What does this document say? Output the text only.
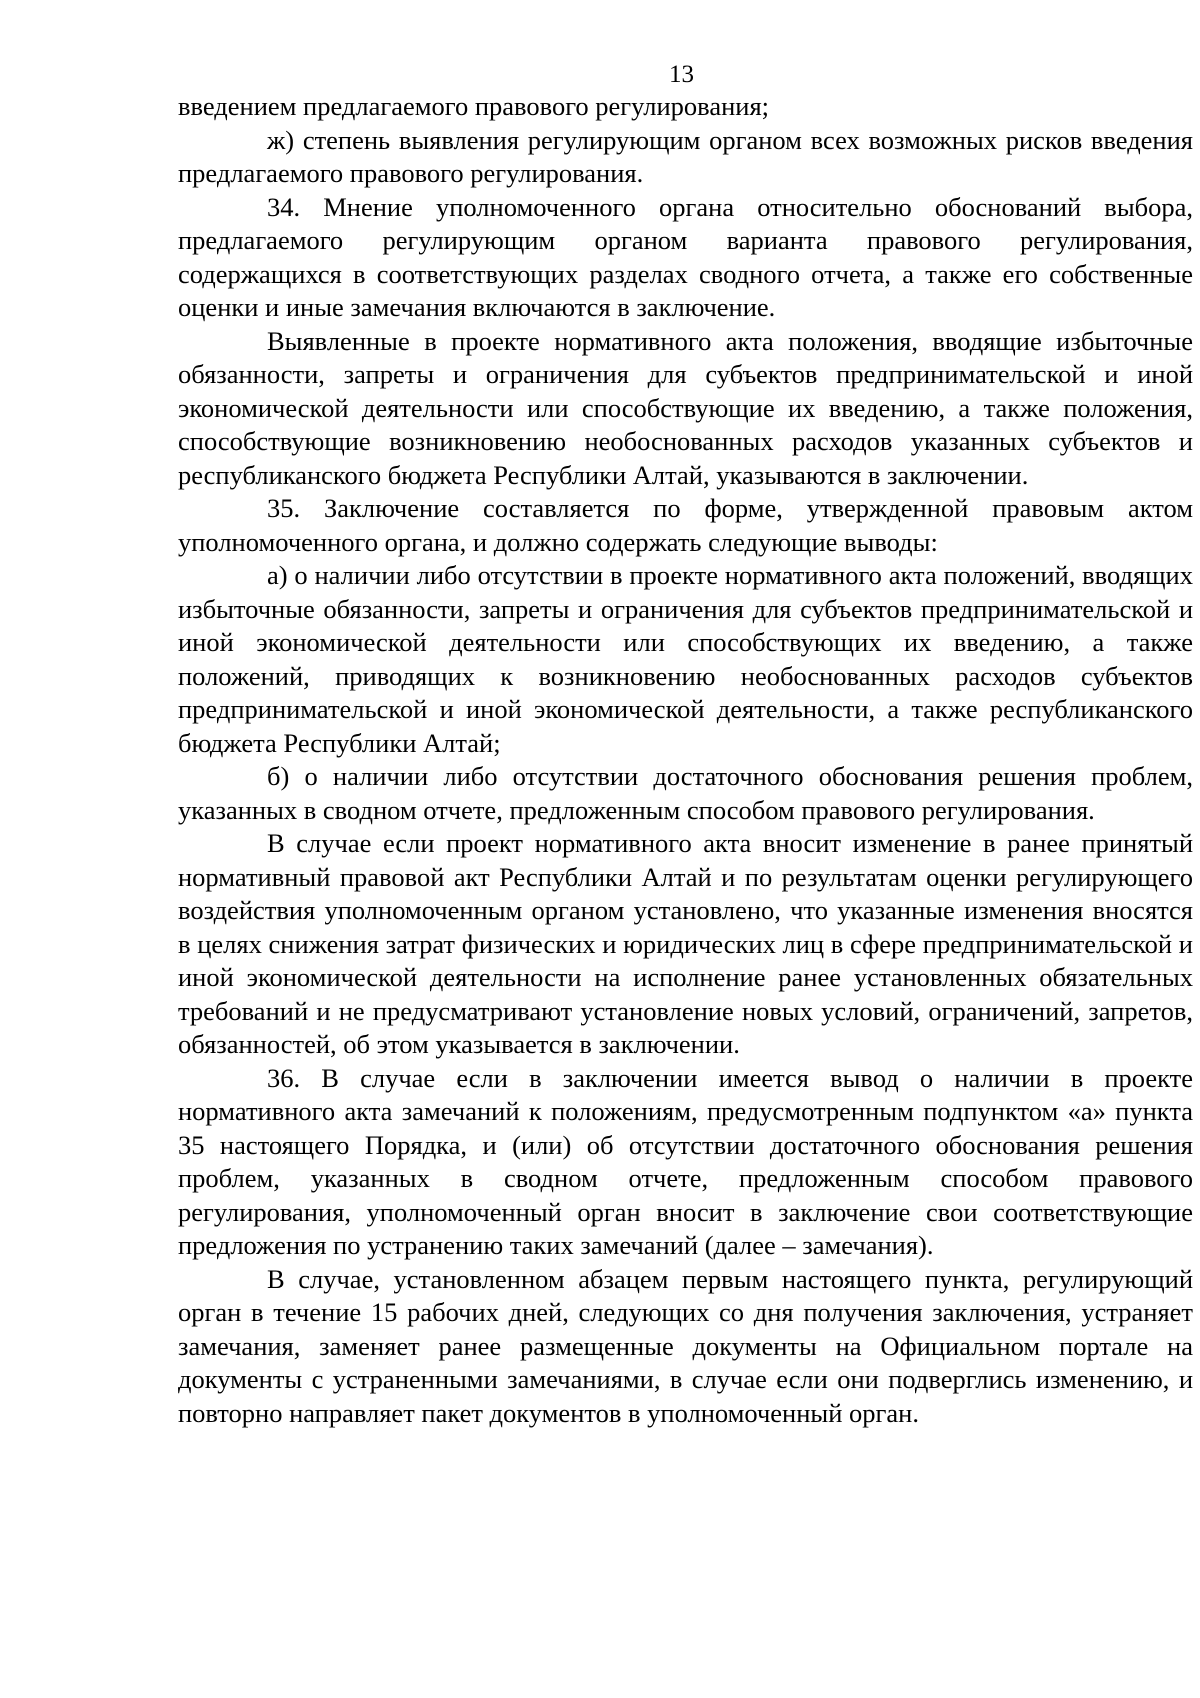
13

введением предлагаемого правового регулирования;

ж) степень выявления регулирующим органом всех возможных рисков введения предлагаемого правового регулирования.

34. Мнение уполномоченного органа относительно обоснований выбора, предлагаемого регулирующим органом варианта правового регулирования, содержащихся в соответствующих разделах сводного отчета, а также его собственные оценки и иные замечания включаются в заключение.

Выявленные в проекте нормативного акта положения, вводящие избыточные обязанности, запреты и ограничения для субъектов предпринимательской и иной экономической деятельности или способствующие их введению, а также положения, способствующие возникновению необоснованных расходов указанных субъектов и республиканского бюджета Республики Алтай, указываются в заключении.

35. Заключение составляется по форме, утвержденной правовым актом уполномоченного органа, и должно содержать следующие выводы:

а) о наличии либо отсутствии в проекте нормативного акта положений, вводящих избыточные обязанности, запреты и ограничения для субъектов предпринимательской и иной экономической деятельности или способствующих их введению, а также положений, приводящих к возникновению необоснованных расходов субъектов предпринимательской и иной экономической деятельности, а также республиканского бюджета Республики Алтай;

б) о наличии либо отсутствии достаточного обоснования решения проблем, указанных в сводном отчете, предложенным способом правового регулирования.

В случае если проект нормативного акта вносит изменение в ранее принятый нормативный правовой акт Республики Алтай и по результатам оценки регулирующего воздействия уполномоченным органом установлено, что указанные изменения вносятся в целях снижения затрат физических и юридических лиц в сфере предпринимательской и иной экономической деятельности на исполнение ранее установленных обязательных требований и не предусматривают установление новых условий, ограничений, запретов, обязанностей, об этом указывается в заключении.

36. В случае если в заключении имеется вывод о наличии в проекте нормативного акта замечаний к положениям, предусмотренным подпунктом «а» пункта 35 настоящего Порядка, и (или) об отсутствии достаточного обоснования решения проблем, указанных в сводном отчете, предложенным способом правового регулирования, уполномоченный орган вносит в заключение свои соответствующие предложения по устранению таких замечаний (далее – замечания).

В случае, установленном абзацем первым настоящего пункта, регулирующий орган в течение 15 рабочих дней, следующих со дня получения заключения, устраняет замечания, заменяет ранее размещенные документы на Официальном портале на документы с устраненными замечаниями, в случае если они подверглись изменению, и повторно направляет пакет документов в уполномоченный орган.
